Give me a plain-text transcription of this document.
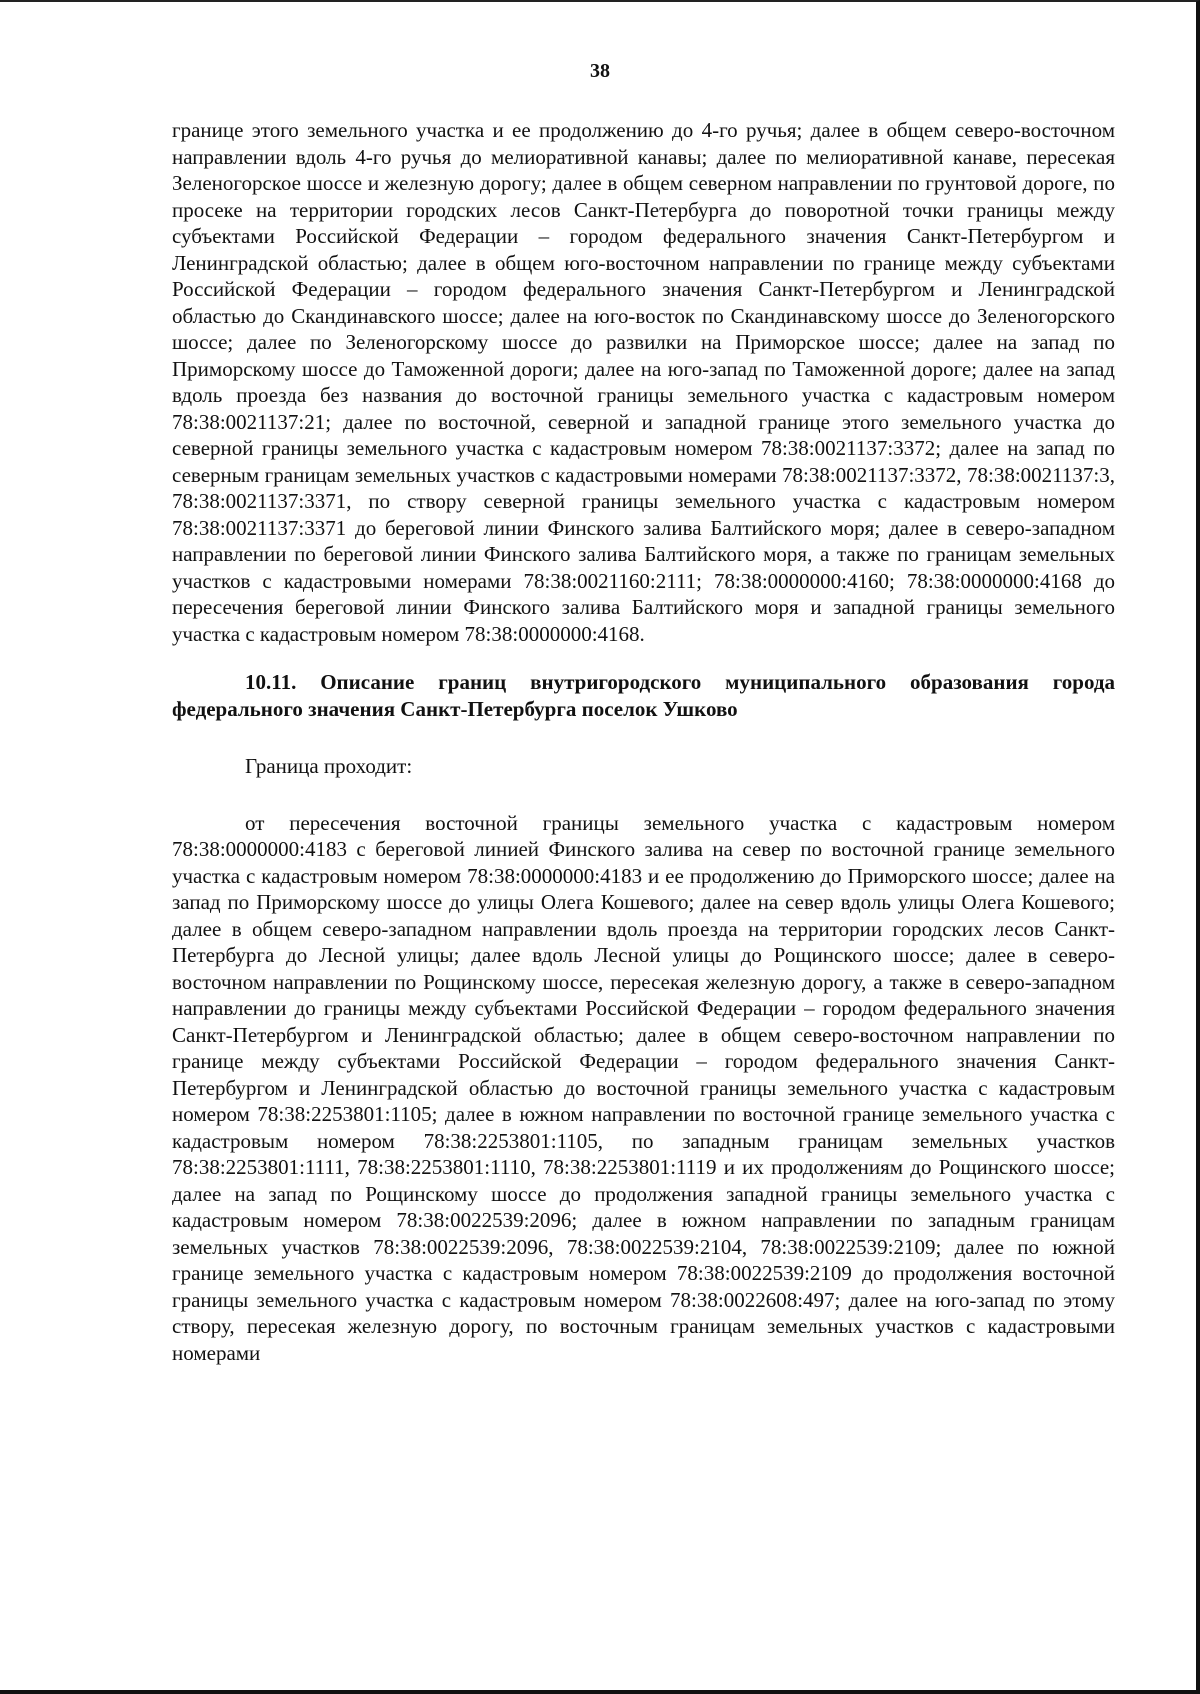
38

границе этого земельного участка и ее продолжению до 4-го ручья; далее в общем северо-восточном направлении вдоль 4-го ручья до мелиоративной канавы; далее по мелиоративной канаве, пересекая Зеленогорское шоссе и железную дорогу; далее в общем северном направлении по грунтовой дороге, по просеке на территории городских лесов Санкт-Петербурга до поворотной точки границы между субъектами Российской Федерации – городом федерального значения Санкт-Петербургом и Ленинградской областью; далее в общем юго-восточном направлении по границе между субъектами Российской Федерации – городом федерального значения Санкт-Петербургом и Ленинградской областью до Скандинавского шоссе; далее на юго-восток по Скандинавскому шоссе до Зеленогорского шоссе; далее по Зеленогорскому шоссе до развилки на Приморское шоссе; далее на запад по Приморскому шоссе до Таможенной дороги; далее на юго-запад по Таможенной дороге; далее на запад вдоль проезда без названия до восточной границы земельного участка с кадастровым номером 78:38:0021137:21; далее по восточной, северной и западной границе этого земельного участка до северной границы земельного участка с кадастровым номером 78:38:0021137:3372; далее на запад по северным границам земельных участков с кадастровыми номерами 78:38:0021137:3372, 78:38:0021137:3, 78:38:0021137:3371, по створу северной границы земельного участка с кадастровым номером 78:38:0021137:3371 до береговой линии Финского залива Балтийского моря; далее в северо-западном направлении по береговой линии Финского залива Балтийского моря, а также по границам земельных участков с кадастровыми номерами 78:38:0021160:2111; 78:38:0000000:4160; 78:38:0000000:4168 до пересечения береговой линии Финского залива Балтийского моря и западной границы земельного участка с кадастровым номером 78:38:0000000:4168.

10.11. Описание границ внутригородского муниципального образования города федерального значения Санкт-Петербурга поселок Ушково

Граница проходит:

от пересечения восточной границы земельного участка с кадастровым номером 78:38:0000000:4183 с береговой линией Финского залива на север по восточной границе земельного участка с кадастровым номером 78:38:0000000:4183 и ее продолжению до Приморского шоссе; далее на запад по Приморскому шоссе до улицы Олега Кошевого; далее на север вдоль улицы Олега Кошевого; далее в общем северо-западном направлении вдоль проезда на территории городских лесов Санкт-Петербурга до Лесной улицы; далее вдоль Лесной улицы до Рощинского шоссе; далее в северо-восточном направлении по Рощинскому шоссе, пересекая железную дорогу, а также в северо-западном направлении до границы между субъектами Российской Федерации – городом федерального значения Санкт-Петербургом и Ленинградской областью; далее в общем северо-восточном направлении по границе между субъектами Российской Федерации – городом федерального значения Санкт-Петербургом и Ленинградской областью до восточной границы земельного участка с кадастровым номером 78:38:2253801:1105; далее в южном направлении по восточной границе земельного участка с кадастровым номером 78:38:2253801:1105, по западным границам земельных участков 78:38:2253801:1111, 78:38:2253801:1110, 78:38:2253801:1119 и их продолжениям до Рощинского шоссе; далее на запад по Рощинскому шоссе до продолжения западной границы земельного участка с кадастровым номером 78:38:0022539:2096; далее в южном направлении по западным границам земельных участков 78:38:0022539:2096, 78:38:0022539:2104, 78:38:0022539:2109; далее по южной границе земельного участка с кадастровым номером 78:38:0022539:2109 до продолжения восточной границы земельного участка с кадастровым номером 78:38:0022608:497; далее на юго-запад по этому створу, пересекая железную дорогу, по восточным границам земельных участков с кадастровыми номерами
